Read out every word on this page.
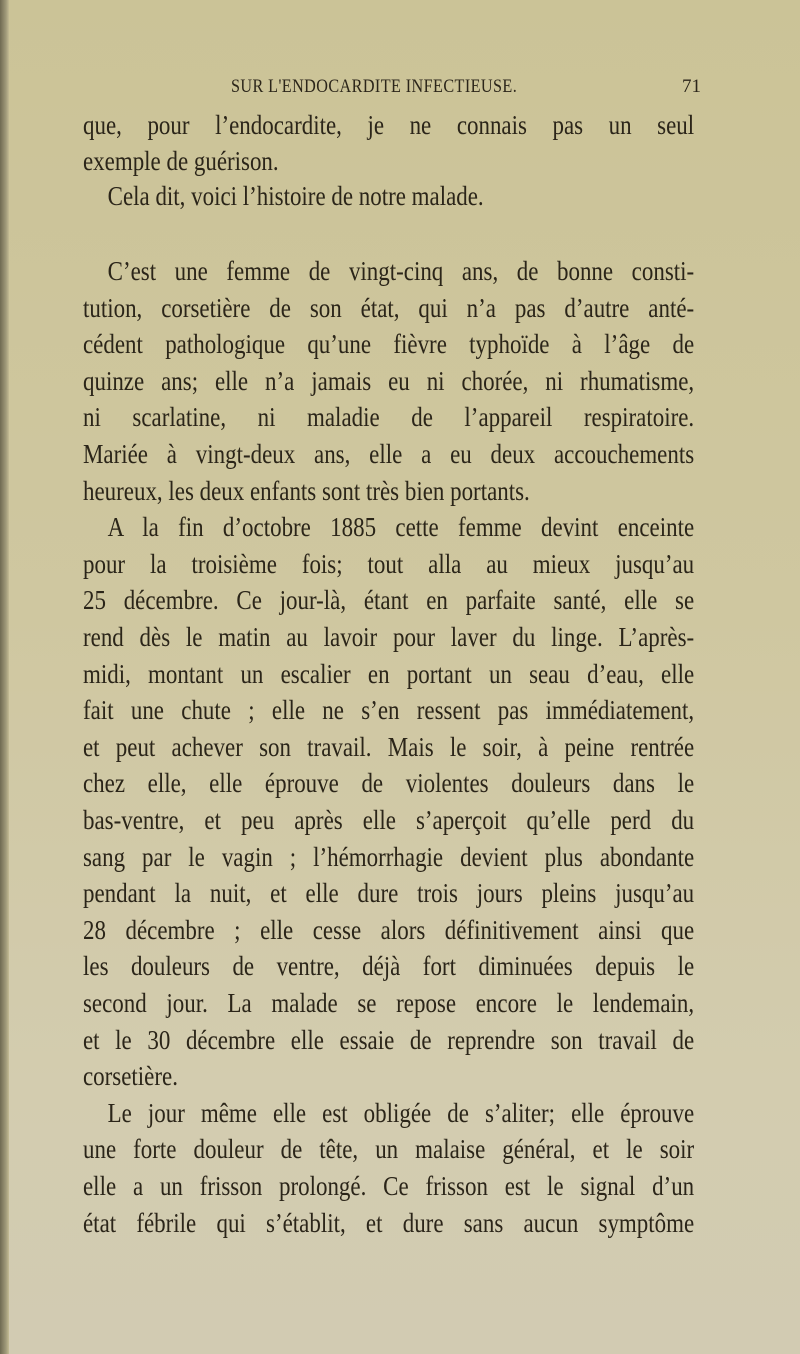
SUR L'ENDOCARDITE INFECTIEUSE.	71
que, pour l’endocardite, je ne connais pas un seul
exemple de guérison.
Cela dit, voici l’histoire de notre malade.
C’est une femme de vingt-cinq ans, de bonne consti-
tution, corsetière de son état, qui n’a pas d’autre anté-
cédent pathologique qu’une fièvre typhoïde à l’âge de
quinze ans; elle n’a jamais eu ni chorée, ni rhumatisme,
ni scarlatine, ni maladie de l’appareil respiratoire.
Mariée à vingt-deux ans, elle a eu deux accouchements
heureux, les deux enfants sont très bien portants.
A la fin d’octobre 1885 cette femme devint enceinte
pour la troisième fois; tout alla au mieux jusqu’au
25 décembre. Ce jour-là, étant en parfaite santé, elle se
rend dès le matin au lavoir pour laver du linge. L’après-
midi, montant un escalier en portant un seau d’eau, elle
fait une chute ; elle ne s’en ressent pas immédiatement,
et peut achever son travail. Mais le soir, à peine rentrée
chez elle, elle éprouve de violentes douleurs dans le
bas-ventre, et peu après elle s’aperçoit qu’elle perd du
sang par le vagin ; l’hémorrhagie devient plus abondante
pendant la nuit, et elle dure trois jours pleins jusqu’au
28 décembre ; elle cesse alors définitivement ainsi que
les douleurs de ventre, déjà fort diminuées depuis le
second jour. La malade se repose encore le lendemain,
et le 30 décembre elle essaie de reprendre son travail de
corsetière.
Le jour même elle est obligée de s’aliter; elle éprouve
une forte douleur de tête, un malaise général, et le soir
elle a un frisson prolongé. Ce frisson est le signal d’un
état fébrile qui s’établit, et dure sans aucun symptôme
